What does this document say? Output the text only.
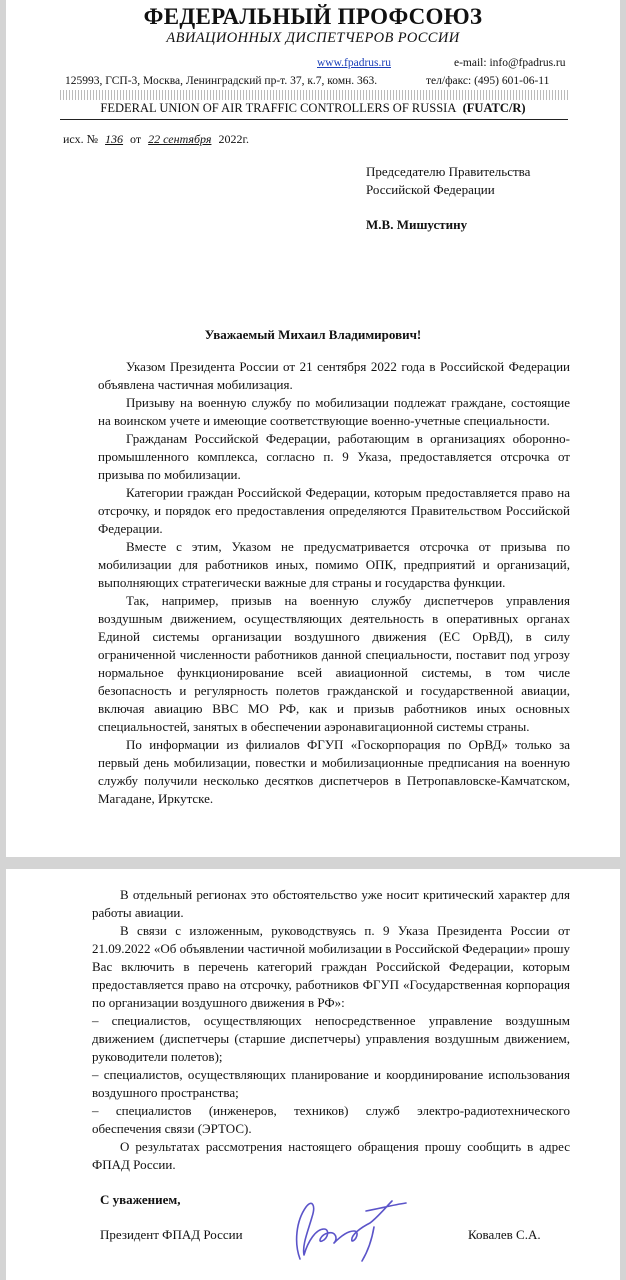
ФЕДЕРАЛЬНЫЙ ПРОФСОЮЗ
АВИАЦИОННЫХ ДИСПЕТЧЕРОВ РОССИИ
www.fpadrus.ru	e-mail: info@fpadrus.ru
125993, ГСП-3, Москва, Ленинградский пр-т. 37, к.7, комн. 363.	тел/факс: (495) 601-06-11
FEDERAL UNION OF AIR TRAFFIC CONTROLLERS OF RUSSIA (FUATC/R)
исх. № 136 от 22 сентября 2022г.
Председателю Правительства
Российской Федерации
М.В. Мишустину
Уважаемый Михаил Владимирович!

Указом Президента России от 21 сентября 2022 года в Российской Федерации объявлена частичная мобилизация.

Призыву на военную службу по мобилизации подлежат граждане, состоящие на воинском учете и имеющие соответствующие военно-учетные специальности.

Гражданам Российской Федерации, работающим в организациях оборонно-промышленного комплекса, согласно п. 9 Указа, предоставляется отсрочка от призыва по мобилизации.

Категории граждан Российской Федерации, которым предоставляется право на отсрочку, и порядок его предоставления определяются Правительством Российской Федерации.

Вместе с этим, Указом не предусматривается отсрочка от призыва по мобилизации для работников иных, помимо ОПК, предприятий и организаций, выполняющих стратегически важные для страны и государства функции.

Так, например, призыв на военную службу диспетчеров управления воздушным движением, осуществляющих деятельность в оперативных органах Единой системы организации воздушного движения (ЕС ОрВД), в силу ограниченной численности работников данной специальности, поставит под угрозу нормальное функционирование всей авиационной системы, в том числе безопасность и регулярность полетов гражданской и государственной авиации, включая авиацию ВВС МО РФ, как и призыв работников иных основных специальностей, занятых в обеспечении аэронавигационной системы страны.

По информации из филиалов ФГУП «Госкорпорация по ОрВД» только за первый день мобилизации, повестки и мобилизационные предписания на военную службу получили несколько десятков диспетчеров в Петропавловске-Камчатском, Магадане, Иркутске.

В отдельный регионах это обстоятельство уже носит критический характер для работы авиации.

В связи с изложенным, руководствуясь п. 9 Указа Президента России от 21.09.2022 «Об объявлении частичной мобилизации в Российской Федерации» прошу Вас включить в перечень категорий граждан Российской Федерации, которым предоставляется право на отсрочку, работников ФГУП «Государственная корпорация по организации воздушного движения в РФ»:

– специалистов, осуществляющих непосредственное управление воздушным движением (диспетчеры (старшие диспетчеры) управления воздушным движением, руководители полетов);

– специалистов, осуществляющих планирование и координирование использования воздушного пространства;

– специалистов (инженеров, техников) служб электро-радиотехнического обеспечения связи (ЭРТОС).

О результатах рассмотрения настоящего обращения прошу сообщить в адрес ФПАД России.

С уважением,
Президент ФПАД России	Ковалев С.А.
